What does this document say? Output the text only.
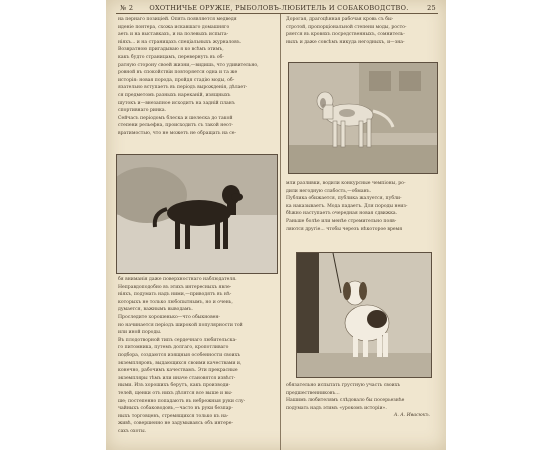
№ 2	ОХОТНИЧЬЕ ОРУЖІЕ, РЫБОЛОВЪ-ЛЮБИТЕЛЬ И СОБАКОВОДСТВО.	25
на пернаго позиціей. Опять появляется медведя
иденіе понтера, схожа искавшаго домашняго
аеть и на выставкахъ, и на полевыхъ испыта-
ніяхъ... и на страницахъ спеціальныхъ журналовъ.
Возвратною пригадываю я ко всѣмъ этимъ,
какъ будто страницамъ, перевернуть въ об-
ратную сторону своей жизни,—видишь, что удивительно,
ровной въ спокойствіи повторяется одна и та же
исторія: новая порода, пройдя стадію моды, об-
язательно вступаетъ въ періодъ вырожденія, дѣлает-
ся предметомъ разныхъ нареканій, изящныхъ
шутокъ и—внезапное исходитъ на задній планъ
спортивнаго ринка.
Сейчасъ періодомъ блеска и шелеска до такой
степени рельефна, происходитъ съ такой неот-
вратимостью, что не можетъ не обращать на се-
бя вниманія даже поверхностнаго наблюдателя.
Неправдоподобно въ этихъ интересныхъ явле-
ніяхъ, подумать надъ ними,—приводятъ въ нѣ-
которыхъ не только любопытнымъ, но и очень,
думается, важнымъ выводамъ.
Проследите хорошенько—что обыкновен-
но начинается періодъ широкой популярности той
или иной породы.
Въ плодотворной типъ сердечнаго любительска-
го питомника, путемъ долгаго, кропотливаго
подбора, создаются изящныя особенности своихъ
экземпляровъ, выдающихся своими качествами и,
конечно, рабочимъ качествамъ. Эти прекрасные
экземпляры тѣмъ или иначе становятся извѣст-
ными. Изъ хорошихъ берутъ, какъ производи-
телей, щенки отъ нихъ дѣлятся все выше и вы-
ше; постепенно попадаютъ въ небрежныя руки слу-
чайныхъ собаководовъ,—часто въ руки безпар-
ныхъ торговцевъ, стремящихся только къ на-
живѣ, совершенно не задумываясь объ интере-
сахъ охоты.
Дорогая, драгоцѣнная рабочая кровь съ бы-
стротой, пропорціональной степени моды, росто-
ряется въ кровяхъ посредственныхъ, сомнитель-
ныхъ и даже совсѣмъ никуда негодныхъ, и—зна-
мли разливки, водили конкурсные чемпіоны, ро-
дили негодную слабость,—обманъ.
Публика обижается, публика жалуется, публи-
ка наказываетъ. Мода падаетъ. Для породы неиз-
бѣжно наступаетъ очередная новая сдвижка.
Раньше болѣе или менѣе стремительно появ-
ляются другіе... чтобы черезъ нѣкоторое время
обязательно испытать грустную участь своихъ
предшественниковъ...
Нашимъ любителямъ слѣдовало бы посерьезнѣе
подумать надъ этимъ «урокомъ исторіи».
А. А. Ивасюкъ.
